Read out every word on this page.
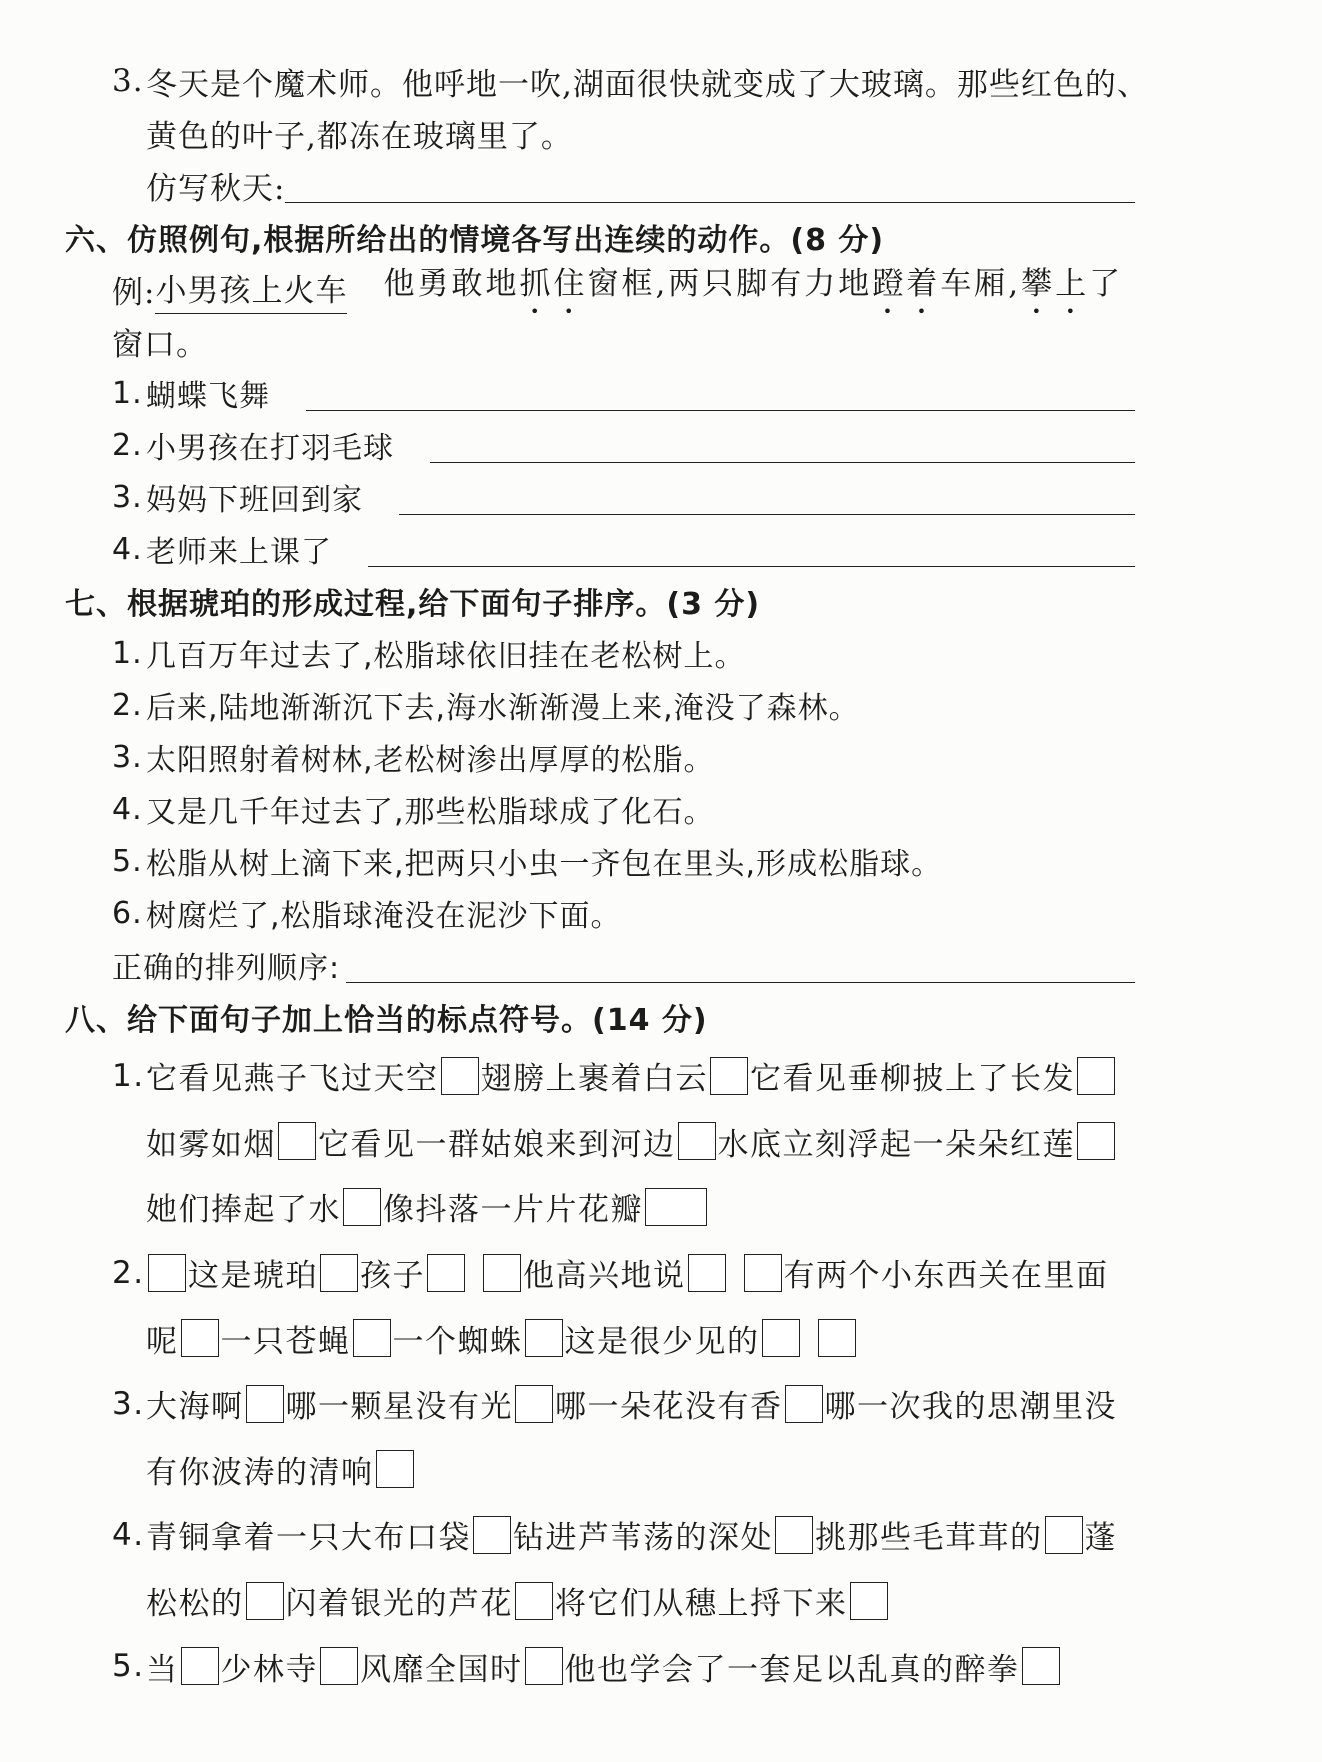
3. 冬天是个魔术师。他呼地一吹,湖面很快就变成了大玻璃。那些红色的、
黄色的叶子,都冻在玻璃里了。
仿写秋天:
六、仿照例句,根据所给出的情境各写出连续的动作。(8 分)
例: 小男孩上火车 他勇敢地 抓住 窗框,两只脚有力地 蹬着 车厢, 攀上 了
窗口。
1. 蝴蝶飞舞
2. 小男孩在打羽毛球
3. 妈妈下班回到家
4. 老师来上课了
七、根据琥珀的形成过程,给下面句子排序。(3 分)
1. 几百万年过去了,松脂球依旧挂在老松树上。
2. 后来,陆地渐渐沉下去,海水渐渐漫上来,淹没了森林。
3. 太阳照射着树林,老松树渗出厚厚的松脂。
4. 又是几千年过去了,那些松脂球成了化石。
5. 松脂从树上滴下来,把两只小虫一齐包在里头,形成松脂球。
6. 树腐烂了,松脂球淹没在泥沙下面。
正确的排列顺序:
八、给下面句子加上恰当的标点符号。(14 分)
1. 它看见燕子飞过天空 翅膀上裹着白云 它看见垂柳披上了长发
如雾如烟 它看见一群姑娘来到河边 水底立刻浮起一朵朵红莲
她们捧起了水 像抖落一片片花瓣
2. 这是琥珀 孩子	他高兴地说	有两个小东西关在里面
呢 一只苍蝇 一个蜘蛛 这是很少见的
3. 大海啊 哪一颗星没有光 哪一朵花没有香 哪一次我的思潮里没
有你波涛的清响
4. 青铜拿着一只大布口袋 钻进芦苇荡的深处 挑那些毛茸茸的 蓬
松松的 闪着银光的芦花 将它们从穗上捋下来
5. 当 少林寺 风靡全国时 他也学会了一套足以乱真的醉拳
